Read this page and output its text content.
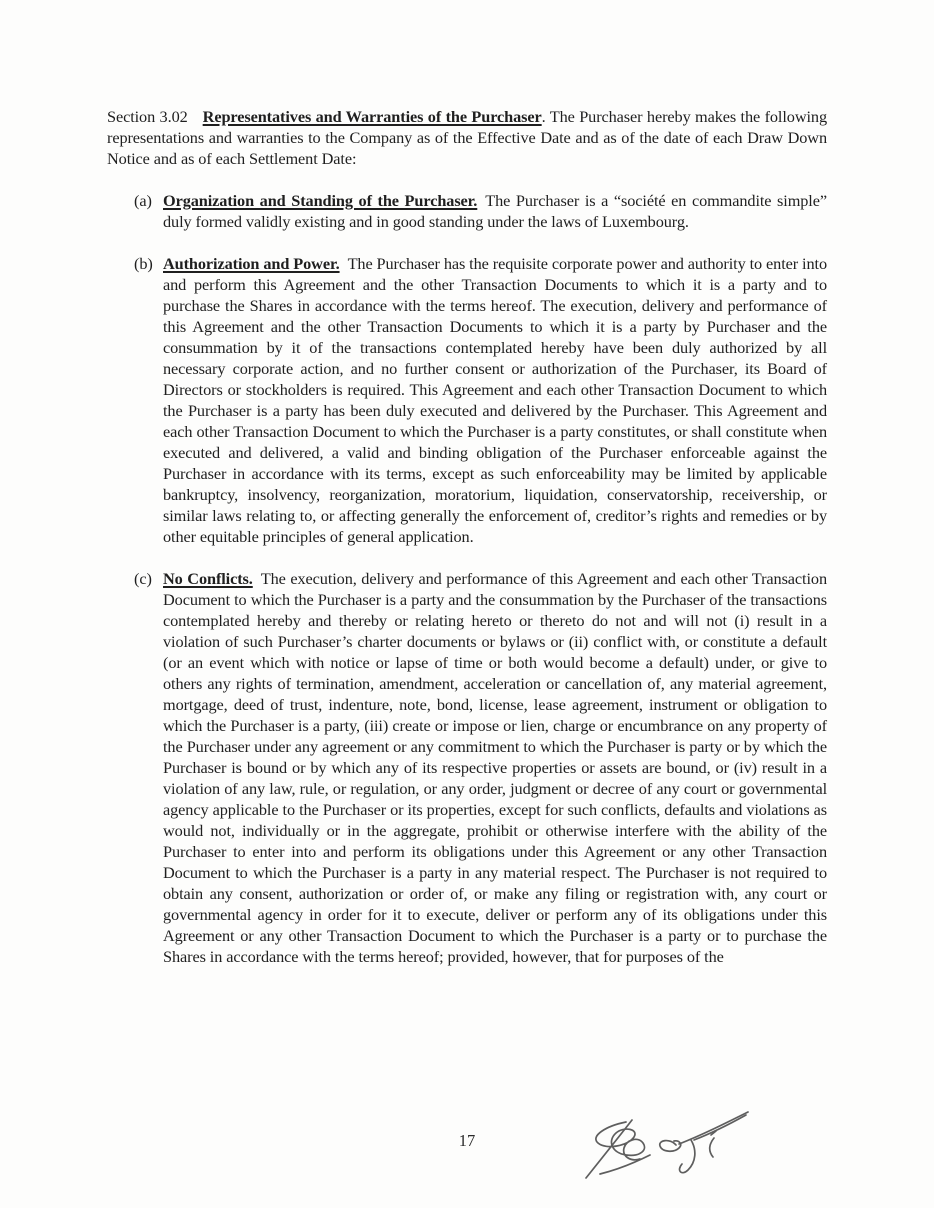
Section 3.02 Representatives and Warranties of the Purchaser. The Purchaser hereby makes the following representations and warranties to the Company as of the Effective Date and as of the date of each Draw Down Notice and as of each Settlement Date:

(a) Organization and Standing of the Purchaser. The Purchaser is a “société en commandite simple” duly formed validly existing and in good standing under the laws of Luxembourg.
(b) Authorization and Power. The Purchaser has the requisite corporate power and authority to enter into and perform this Agreement and the other Transaction Documents to which it is a party and to purchase the Shares in accordance with the terms hereof. The execution, delivery and performance of this Agreement and the other Transaction Documents to which it is a party by Purchaser and the consummation by it of the transactions contemplated hereby have been duly authorized by all necessary corporate action, and no further consent or authorization of the Purchaser, its Board of Directors or stockholders is required. This Agreement and each other Transaction Document to which the Purchaser is a party has been duly executed and delivered by the Purchaser. This Agreement and each other Transaction Document to which the Purchaser is a party constitutes, or shall constitute when executed and delivered, a valid and binding obligation of the Purchaser enforceable against the Purchaser in accordance with its terms, except as such enforceability may be limited by applicable bankruptcy, insolvency, reorganization, moratorium, liquidation, conservatorship, receivership, or similar laws relating to, or affecting generally the enforcement of, creditor’s rights and remedies or by other equitable principles of general application.
(c) No Conflicts. The execution, delivery and performance of this Agreement and each other Transaction Document to which the Purchaser is a party and the consummation by the Purchaser of the transactions contemplated hereby and thereby or relating hereto or thereto do not and will not (i) result in a violation of such Purchaser’s charter documents or bylaws or (ii) conflict with, or constitute a default (or an event which with notice or lapse of time or both would become a default) under, or give to others any rights of termination, amendment, acceleration or cancellation of, any material agreement, mortgage, deed of trust, indenture, note, bond, license, lease agreement, instrument or obligation to which the Purchaser is a party, (iii) create or impose or lien, charge or encumbrance on any property of the Purchaser under any agreement or any commitment to which the Purchaser is party or by which the Purchaser is bound or by which any of its respective properties or assets are bound, or (iv) result in a violation of any law, rule, or regulation, or any order, judgment or decree of any court or governmental agency applicable to the Purchaser or its properties, except for such conflicts, defaults and violations as would not, individually or in the aggregate, prohibit or otherwise interfere with the ability of the Purchaser to enter into and perform its obligations under this Agreement or any other Transaction Document to which the Purchaser is a party in any material respect. The Purchaser is not required to obtain any consent, authorization or order of, or make any filing or registration with, any court or governmental agency in order for it to execute, deliver or perform any of its obligations under this Agreement or any other Transaction Document to which the Purchaser is a party or to purchase the Shares in accordance with the terms hereof; provided, however, that for purposes of the
17
